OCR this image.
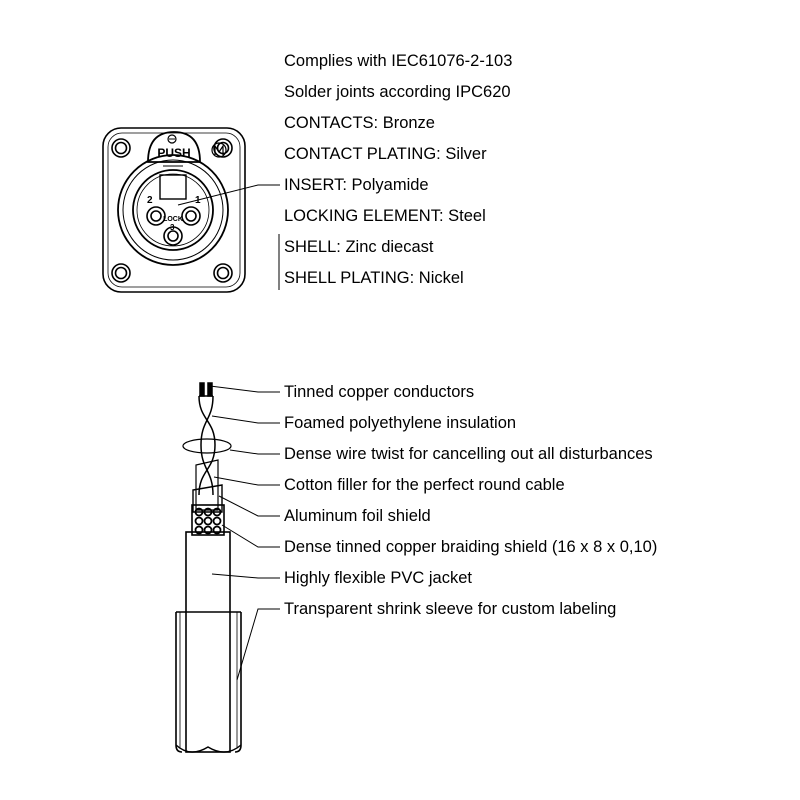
PUSH
2	1
3
LOCK
Complies with IEC61076-2-103
Solder joints according IPC620
CONTACTS: Bronze
CONTACT PLATING: Silver
INSERT: Polyamide
LOCKING ELEMENT: Steel
SHELL: Zinc diecast
SHELL PLATING: Nickel
Tinned copper conductors
Foamed polyethylene insulation
Dense wire twist for cancelling out all disturbances
Cotton filler for the perfect round cable
Aluminum foil shield
Dense tinned copper braiding shield (16 x 8 x 0,10)
Highly flexible PVC jacket
Transparent shrink sleeve for custom labeling
